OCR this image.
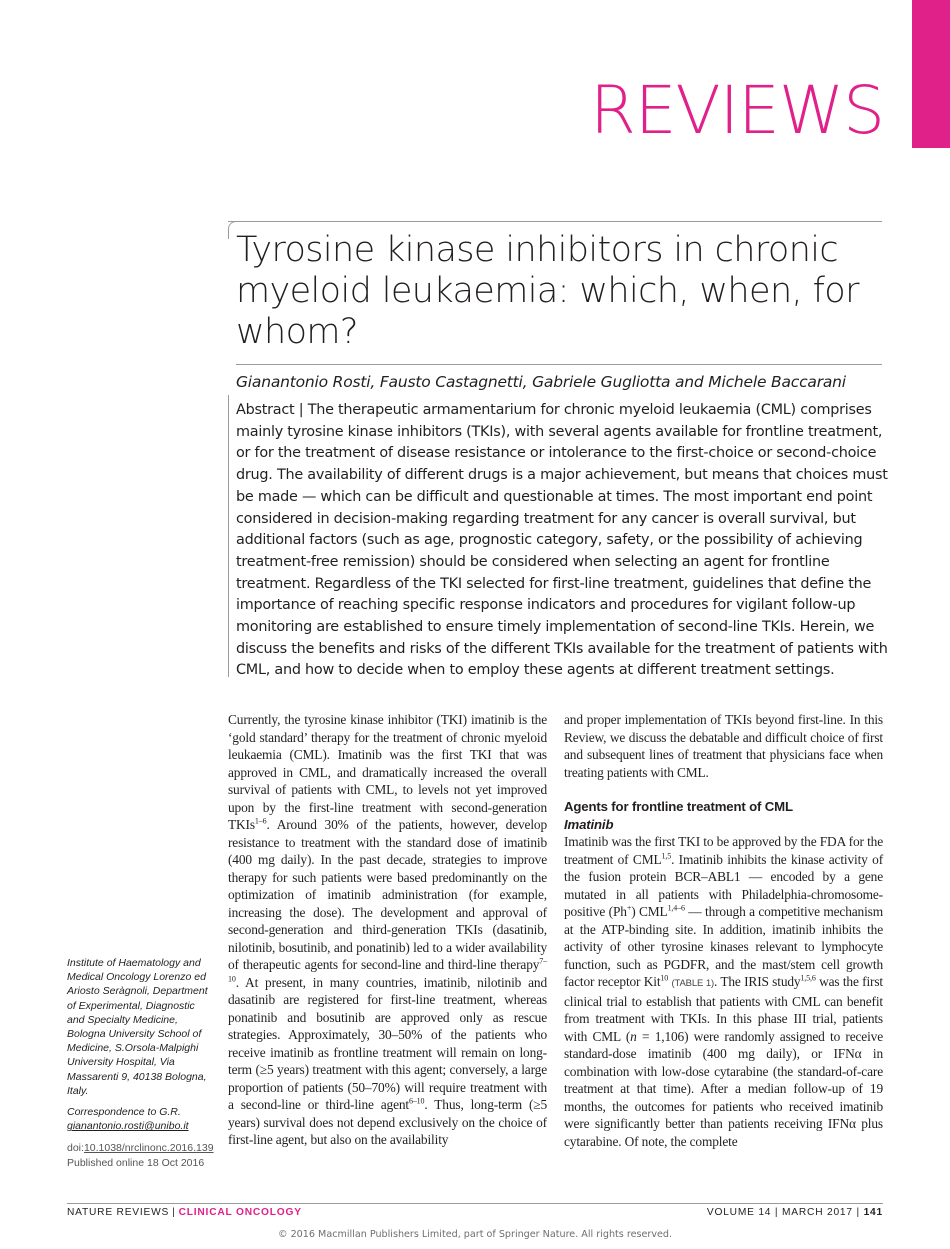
REVIEWS
Tyrosine kinase inhibitors in chronic myeloid leukaemia: which, when, for whom?
Gianantonio Rosti, Fausto Castagnetti, Gabriele Gugliotta and Michele Baccarani
Abstract | The therapeutic armamentarium for chronic myeloid leukaemia (CML) comprises mainly tyrosine kinase inhibitors (TKIs), with several agents available for frontline treatment, or for the treatment of disease resistance or intolerance to the first-choice or second-choice drug. The availability of different drugs is a major achievement, but means that choices must be made — which can be difficult and questionable at times. The most important end point considered in decision-making regarding treatment for any cancer is overall survival, but additional factors (such as age, prognostic category, safety, or the possibility of achieving treatment-free remission) should be considered when selecting an agent for frontline treatment. Regardless of the TKI selected for first-line treatment, guidelines that define the importance of reaching specific response indicators and procedures for vigilant follow-up monitoring are established to ensure timely implementation of second-line TKIs. Herein, we discuss the benefits and risks of the different TKIs available for the treatment of patients with CML, and how to decide when to employ these agents at different treatment settings.
Institute of Haematology and Medical Oncology Lorenzo ed Ariosto Seràgnoli, Department of Experimental, Diagnostic and Specialty Medicine, Bologna University School of Medicine, S.Orsola-Malpighi University Hospital, Via Massarenti 9, 40138 Bologna, Italy.
Correspondence to G.R.
gianantonio.rosti@unibo.it
doi:10.1038/nrclinonc.2016.139
Published online 18 Oct 2016

Currently, the tyrosine kinase inhibitor (TKI) imatinib is the ‘gold standard’ therapy for the treatment of chronic myeloid leukaemia (CML). Imatinib was the first TKI that was approved in CML, and dramatically increased the overall survival of patients with CML, to levels not yet improved upon by the first-line treatment with second-generation TKIs$^{1-6}$. Around 30% of the patients, however, develop resistance to treatment with the standard dose of imatinib (400 mg daily). In the past decade, strategies to improve therapy for such patients were based predominantly on the optimization of imatinib administration (for example, increasing the dose). The development and approval of second-generation and third-generation TKIs (dasatinib, nilotinib, bosutinib, and ponatinib) led to a wider availability of therapeutic agents for second-line and third-line therapy$^{7-10}$. At present, in many countries, imatinib, nilotinib and dasatinib are registered for first-line treatment, whereas ponatinib and bosutinib are approved only as rescue strategies. Approximately, 30–50% of the patients who receive imatinib as frontline treatment will remain on long-term (≥5 years) treatment with this agent; conversely, a large proportion of patients (50–70%) will require treatment with a second-line or third-line agent$^{6-10}$. Thus, long-term (≥5 years) survival does not depend exclusively on the choice of first-line agent, but also on the availability

and proper implementation of TKIs beyond first-line. In this Review, we discuss the debatable and difficult choice of first and subsequent lines of treatment that physicians face when treating patients with CML.

Agents for frontline treatment of CML
Imatinib

Imatinib was the first TKI to be approved by the FDA for the treatment of CML$^{1,5}$. Imatinib inhibits the kinase activity of the fusion protein BCR–ABL1 — encoded by a gene mutated in all patients with Philadelphia-chromosome-positive (Ph+) CML$^{1,4-6}$ — through a competitive mechanism at the ATP-binding site. In addition, imatinib inhibits the activity of other tyrosine kinases relevant to lymphocyte function, such as PGDFR, and the mast/stem cell growth factor receptor Kit$^{10}$ (TABLE 1). The IRIS study$^{1,5,6}$ was the first clinical trial to establish that patients with CML can benefit from treatment with TKIs. In this phase III trial, patients with CML (n = 1,106) were randomly assigned to receive standard-dose imatinib (400 mg daily), or IFNα in combination with low-dose cytarabine (the standard-of-care treatment at that time). After a median follow-up of 19 months, the outcomes for patients who received imatinib were significantly better than patients receiving IFNα plus cytarabine. Of note, the complete

NATURE REVIEWS | CLINICAL ONCOLOGY	VOLUME 14 | MARCH 2017 | 141
© 2016 Macmillan Publishers Limited, part of Springer Nature. All rights reserved.
